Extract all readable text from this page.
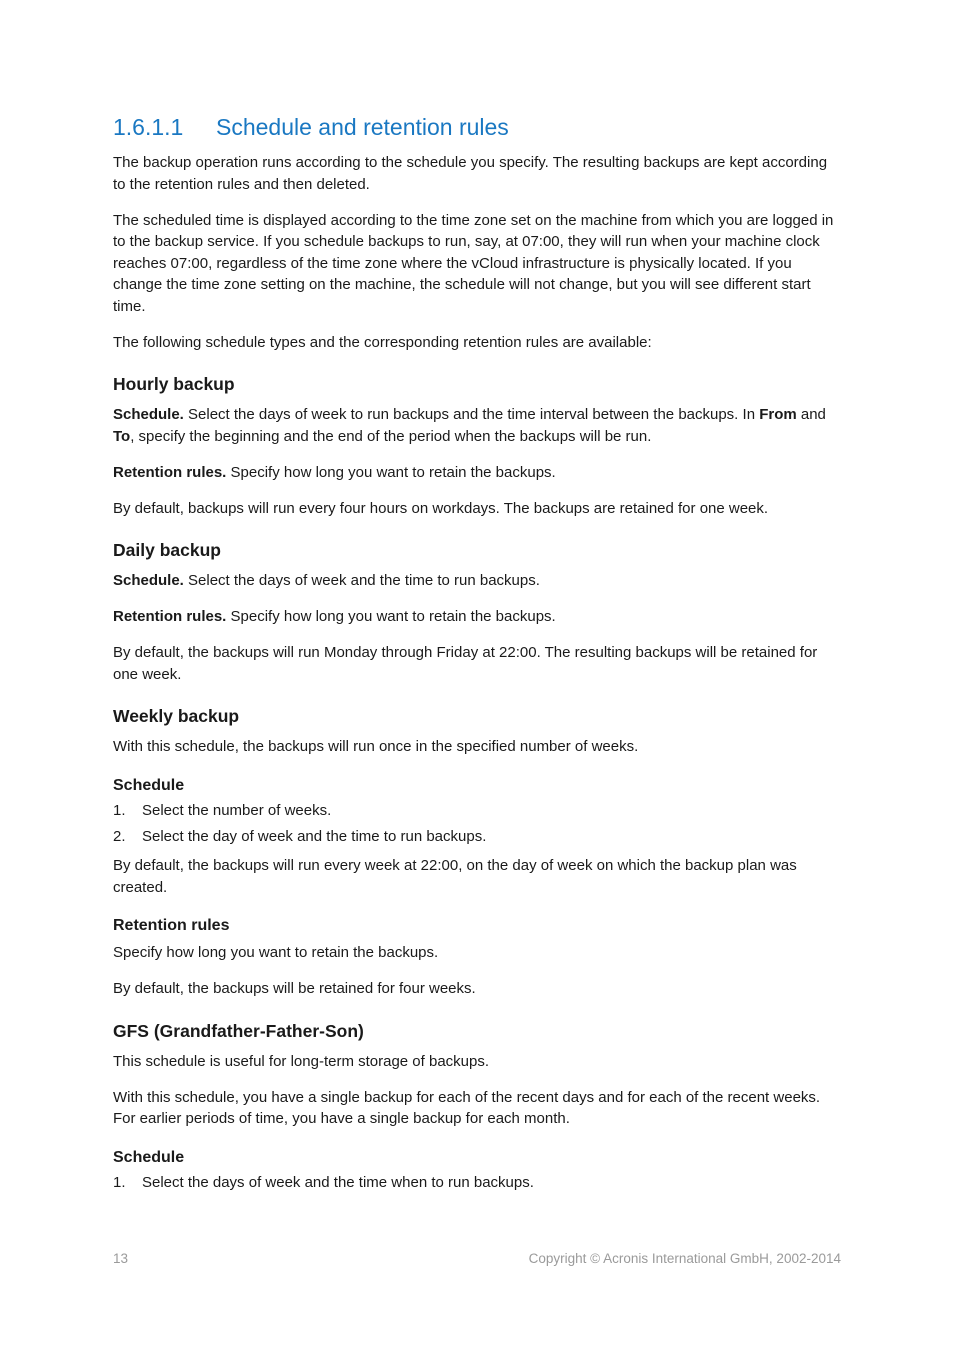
1.6.1.1	Schedule and retention rules

The backup operation runs according to the schedule you specify. The resulting backups are kept according to the retention rules and then deleted.

The scheduled time is displayed according to the time zone set on the machine from which you are logged in to the backup service. If you schedule backups to run, say, at 07:00, they will run when your machine clock reaches 07:00, regardless of the time zone where the vCloud infrastructure is physically located. If you change the time zone setting on the machine, the schedule will not change, but you will see different start time.

The following schedule types and the corresponding retention rules are available:

Hourly backup

Schedule. Select the days of week to run backups and the time interval between the backups. In From and To, specify the beginning and the end of the period when the backups will be run.

Retention rules. Specify how long you want to retain the backups.

By default, backups will run every four hours on workdays. The backups are retained for one week.

Daily backup

Schedule. Select the days of week and the time to run backups.

Retention rules. Specify how long you want to retain the backups.

By default, the backups will run Monday through Friday at 22:00. The resulting backups will be retained for one week.

Weekly backup

With this schedule, the backups will run once in the specified number of weeks.

Schedule
1.	Select the number of weeks.
2.	Select the day of week and the time to run backups.

By default, the backups will run every week at 22:00, on the day of week on which the backup plan was created.

Retention rules

Specify how long you want to retain the backups.

By default, the backups will be retained for four weeks.

GFS (Grandfather-Father-Son)

This schedule is useful for long-term storage of backups.

With this schedule, you have a single backup for each of the recent days and for each of the recent weeks. For earlier periods of time, you have a single backup for each month.

Schedule
1.	Select the days of week and the time when to run backups.
13	Copyright © Acronis International GmbH, 2002-2014
